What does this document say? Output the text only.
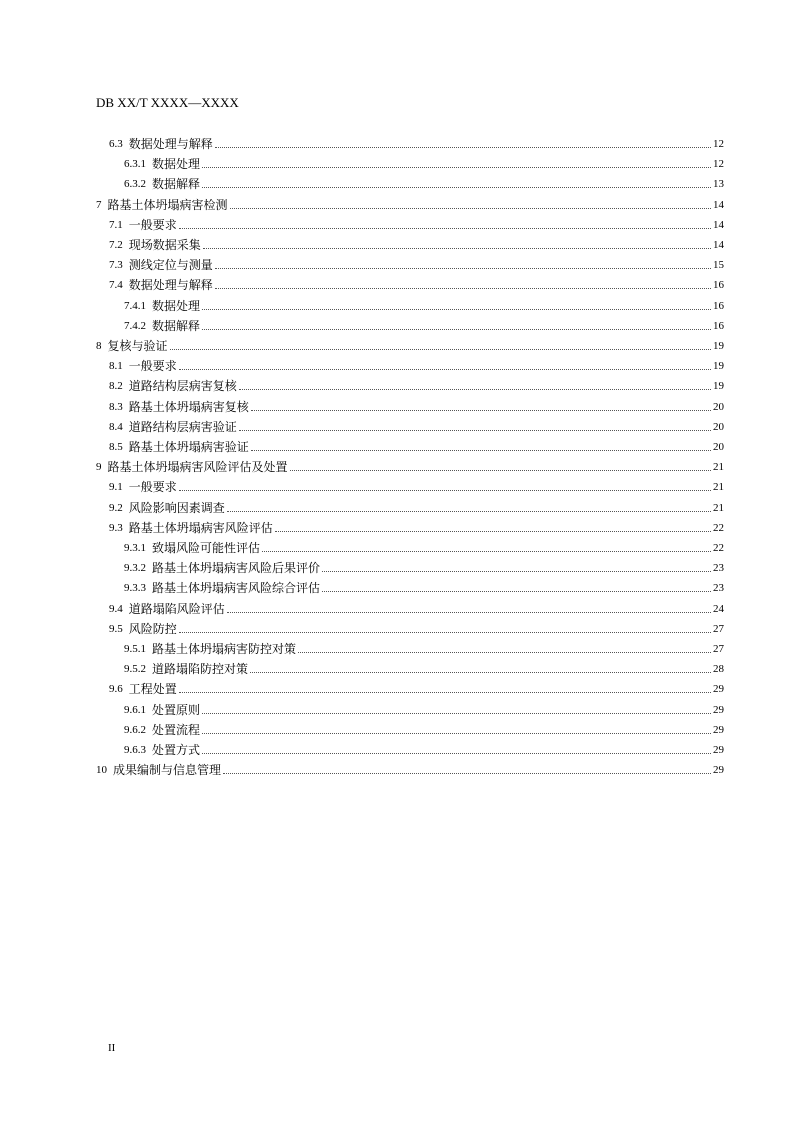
DB XX/T XXXX—XXXX
6.3 数据处理与解释	12
6.3.1 数据处理	12
6.3.2 数据解释	13
7 路基土体坍塌病害检测	14
7.1 一般要求	14
7.2 现场数据采集	14
7.3 测线定位与测量	15
7.4 数据处理与解释	16
7.4.1 数据处理	16
7.4.2 数据解释	16
8 复核与验证	19
8.1 一般要求	19
8.2 道路结构层病害复核	19
8.3 路基土体坍塌病害复核	20
8.4 道路结构层病害验证	20
8.5 路基土体坍塌病害验证	20
9 路基土体坍塌病害风险评估及处置	21
9.1 一般要求	21
9.2 风险影响因素调查	21
9.3 路基土体坍塌病害风险评估	22
9.3.1 致塌风险可能性评估	22
9.3.2 路基土体坍塌病害风险后果评价	23
9.3.3 路基土体坍塌病害风险综合评估	23
9.4 道路塌陷风险评估	24
9.5 风险防控	27
9.5.1 路基土体坍塌病害防控对策	27
9.5.2 道路塌陷防控对策	28
9.6 工程处置	29
9.6.1 处置原则	29
9.6.2 处置流程	29
9.6.3 处置方式	29
10 成果编制与信息管理	29
II
